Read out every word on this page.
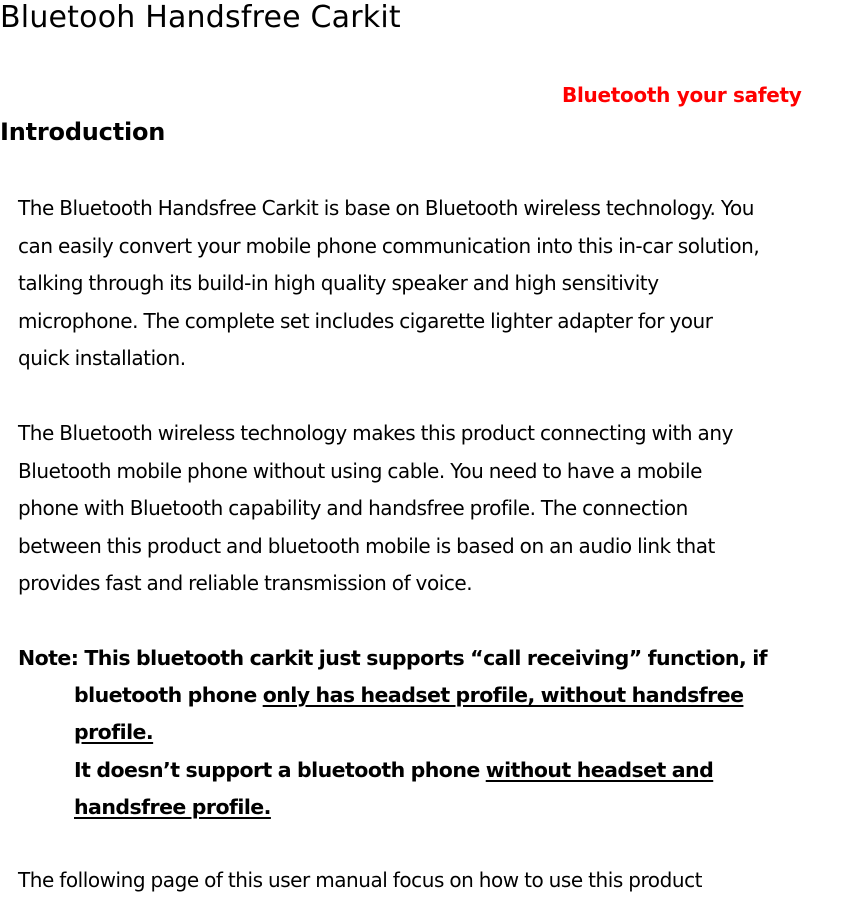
Bluetooh Handsfree Carkit
Bluetooth your safety
Introduction
The Bluetooth Handsfree Carkit is base on Bluetooth wireless technology. You
can easily convert your mobile phone communication into this in-car solution,
talking through its build-in high quality speaker and high sensitivity
microphone. The complete set includes cigarette lighter adapter for your
quick installation.
The Bluetooth wireless technology makes this product connecting with any
Bluetooth mobile phone without using cable. You need to have a mobile
phone with Bluetooth capability and handsfree profile. The connection
between this product and bluetooth mobile is based on an audio link that
provides fast and reliable transmission of voice.
Note: This bluetooth carkit just supports “call receiving” function, if
bluetooth phone only has headset profile, without handsfree
profile.
It doesn’t support a bluetooth phone without headset and
handsfree profile.
The following page of this user manual focus on how to use this product
